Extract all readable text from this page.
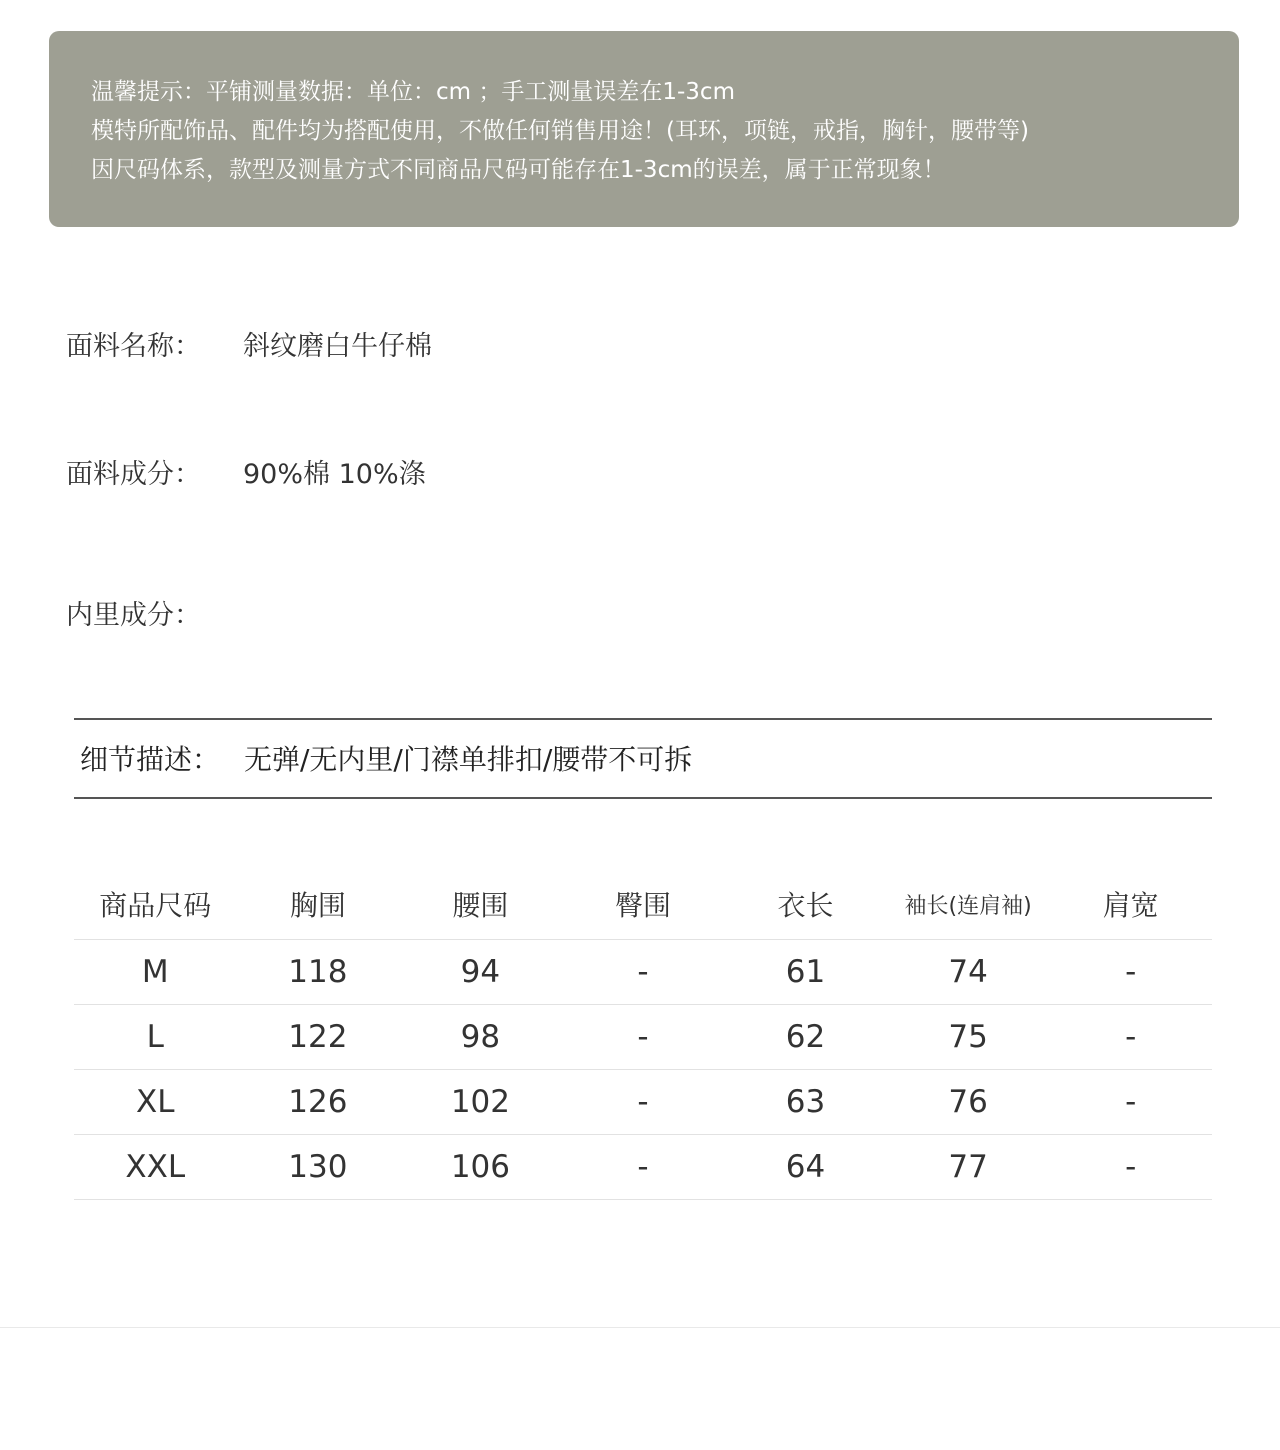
温馨提示：平铺测量数据：单位：cm ；手工测量误差在1-3cm
模特所配饰品、配件均为搭配使用，不做任何销售用途！(耳环，项链，戒指，胸针，腰带等)
因尺码体系，款型及测量方式不同商品尺码可能存在1-3cm的误差，属于正常现象！
面料名称：	斜纹磨白牛仔棉
面料成分：	90%棉 10%涤
内里成分：
细节描述： 无弹/无内里/门襟单排扣/腰带不可拆
商品尺码	胸围	腰围	臀围	衣长	袖长(连肩袖)	肩宽
M	118	94	-	61	74	-
L	122	98	-	62	75	-
XL	126	102	-	63	76	-
XXL	130	106	-	64	77	-
